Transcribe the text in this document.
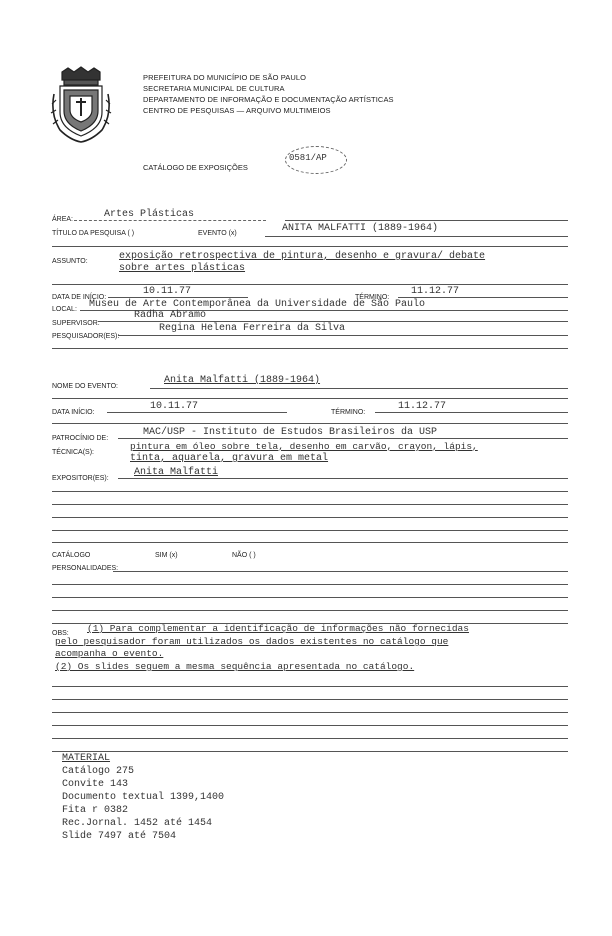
PREFEITURA DO MUNICÍPIO DE SÃO PAULO
SECRETARIA MUNICIPAL DE CULTURA
DEPARTAMENTO DE INFORMAÇÃO E DOCUMENTAÇÃO ARTÍSTICAS
CENTRO DE PESQUISAS — ARQUIVO MULTIMEIOS
CATÁLOGO DE EXPOSIÇÕES
0581/AP
ÁREA:	Artes Plásticas
TÍTULO DA PESQUISA ( )	EVENTO (x)	ANITA MALFATTI (1889-1964)
ASSUNTO:	exposição retrospectiva de pintura, desenho e gravura/ debate
sobre artes plásticas
DATA DE INÍCIO:
10.11.77
TÉRMINO:
11.12.77
LOCAL: Museu de Arte Contemporânea da Universidade de São Paulo
SUPERVISOR:
Radha Abramo
PESQUISADOR(ES):
Regina Helena Ferreira da Silva
NOME DO EVENTO:
Anita Malfatti (1889-1964)
DATA INÍCIO:
10.11.77
TÉRMINO:
11.12.77
PATROCÍNIO DE:
MAC/USP - Instituto de Estudos Brasileiros da USP
TÉCNICA(S):
pintura em óleo sobre tela, desenho em carvão, crayon, lápis,
tinta, aquarela, gravura em metal
EXPOSITOR(ES):
Anita Malfatti
CATÁLOGO	SIM (x)	NÃO ( )
PERSONALIDADES:
OBS: (1) Para complementar a identificação de informações não fornecidas
pelo pesquisador foram utilizados os dados existentes no catálogo que
acompanha o evento.
(2) Os slides seguem a mesma sequência apresentada no catálogo.
MATERIAL
Catálogo 275
Convite 143
Documento textual 1399,1400
Fita r 0382
Rec.Jornal. 1452 até 1454
Slide 7497 até 7504
